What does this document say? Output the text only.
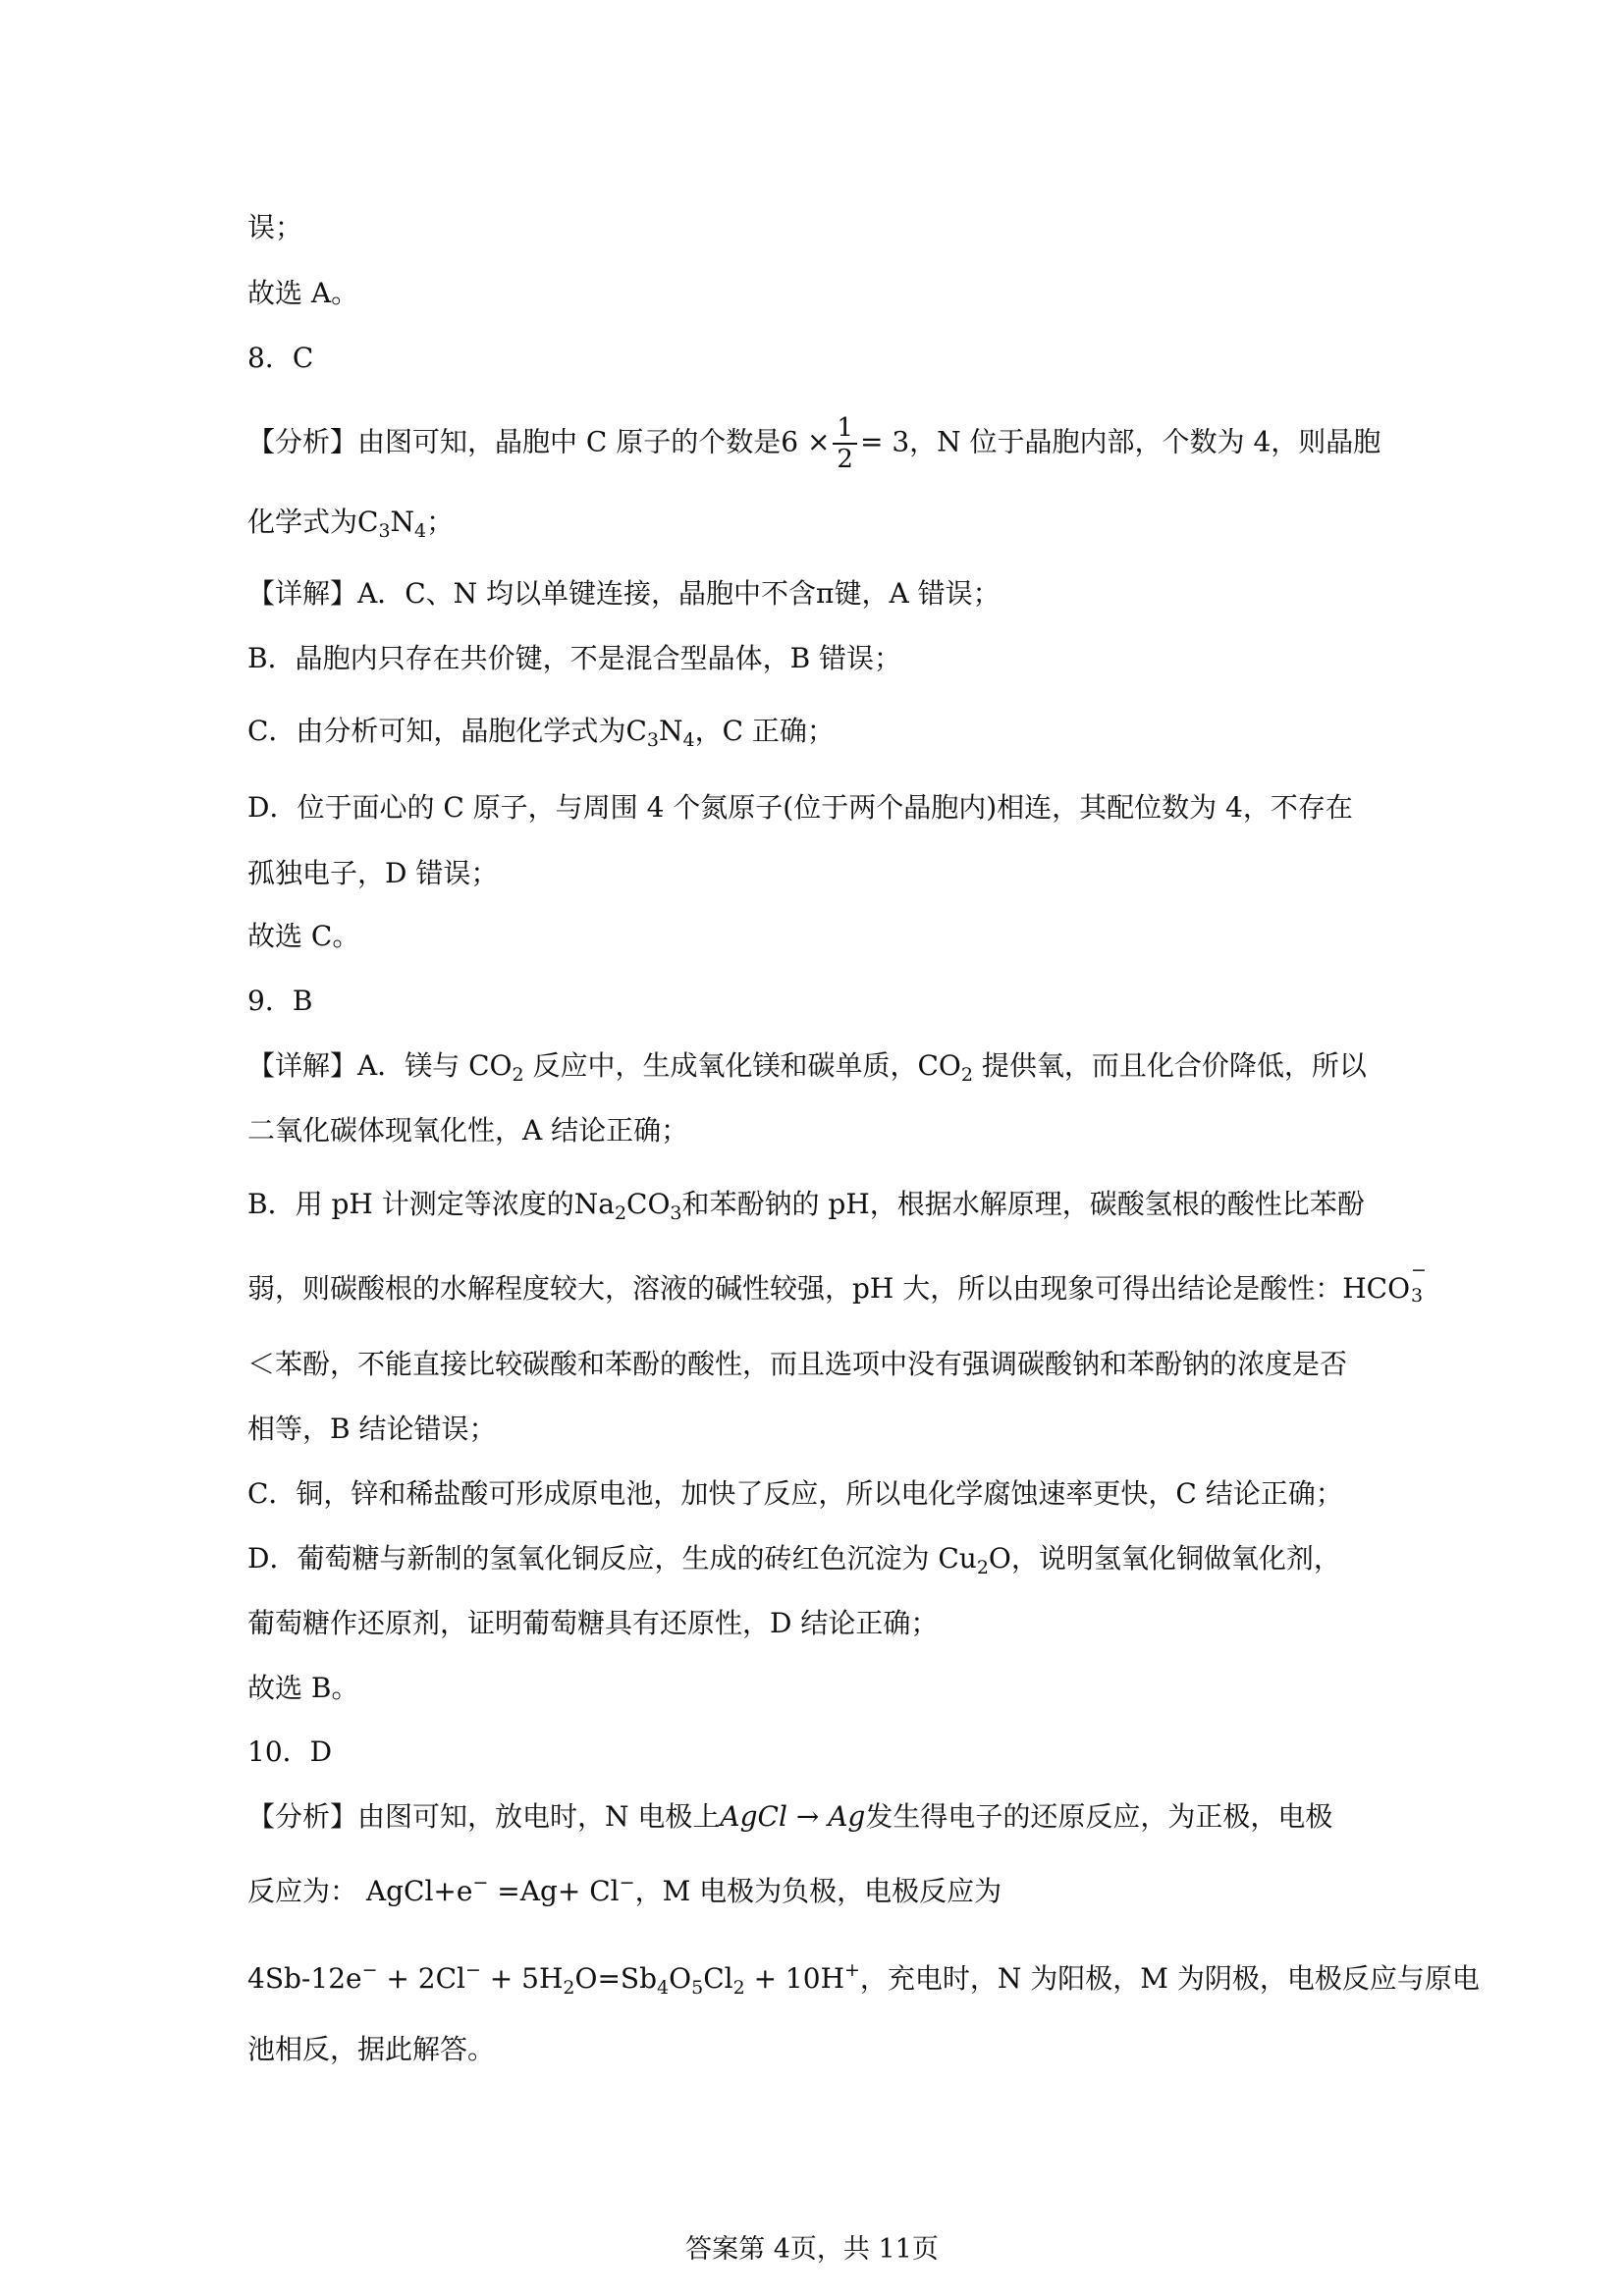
误；
故选 A。
8．C
【分析】由图可知，晶胞中 C 原子的个数是$6 \times \frac{1}{2} = 3$，N 位于晶胞内部，个数为 4，则晶胞
化学式为$C_3N_4$；
【详解】A．C、N 均以单键连接，晶胞中不含π键，A 错误；
B．晶胞内只存在共价键，不是混合型晶体，B 错误；
C．由分析可知，晶胞化学式为$C_3N_4$，C 正确；
D．位于面心的 C 原子，与周围 4 个氮原子(位于两个晶胞内)相连，其配位数为 4，不存在
孤独电子，D 错误；
故选 C。
9．B
【详解】A．镁与 $CO_2$ 反应中，生成氧化镁和碳单质，$CO_2$ 提供氧，而且化合价降低，所以
二氧化碳体现氧化性，A 结论正确；
B．用 pH 计测定等浓度的$Na_2CO_3$和苯酚钠的 pH，根据水解原理，碳酸氢根的酸性比苯酚
弱，则碳酸根的水解程度较大，溶液的碱性较强，pH 大，所以由现象可得出结论是酸性：HCO
−
3
＜苯酚，不能直接比较碳酸和苯酚的酸性，而且选项中没有强调碳酸钠和苯酚钠的浓度是否
相等，B 结论错误；
C．铜，锌和稀盐酸可形成原电池，加快了反应，所以电化学腐蚀速率更快，C 结论正确；
D．葡萄糖与新制的氢氧化铜反应，生成的砖红色沉淀为 $Cu_2O$，说明氢氧化铜做氧化剂，
葡萄糖作还原剂，证明葡萄糖具有还原性，D 结论正确；
故选 B。
10．D
【分析】由图可知，放电时，N 电极上AgCl → Ag发生得电子的还原反应，为正极，电极
反应为： AgCl+e− =Ag+ Cl−，M 电极为负极，电极反应为
$4Sb-12e^- + 2Cl^- + 5H_2O=Sb_4O_5Cl_2 + 10H^+$，充电时，N 为阳极，M 为阴极，电极反应与原电
池相反，据此解答。
答案第 4页，共 11页
